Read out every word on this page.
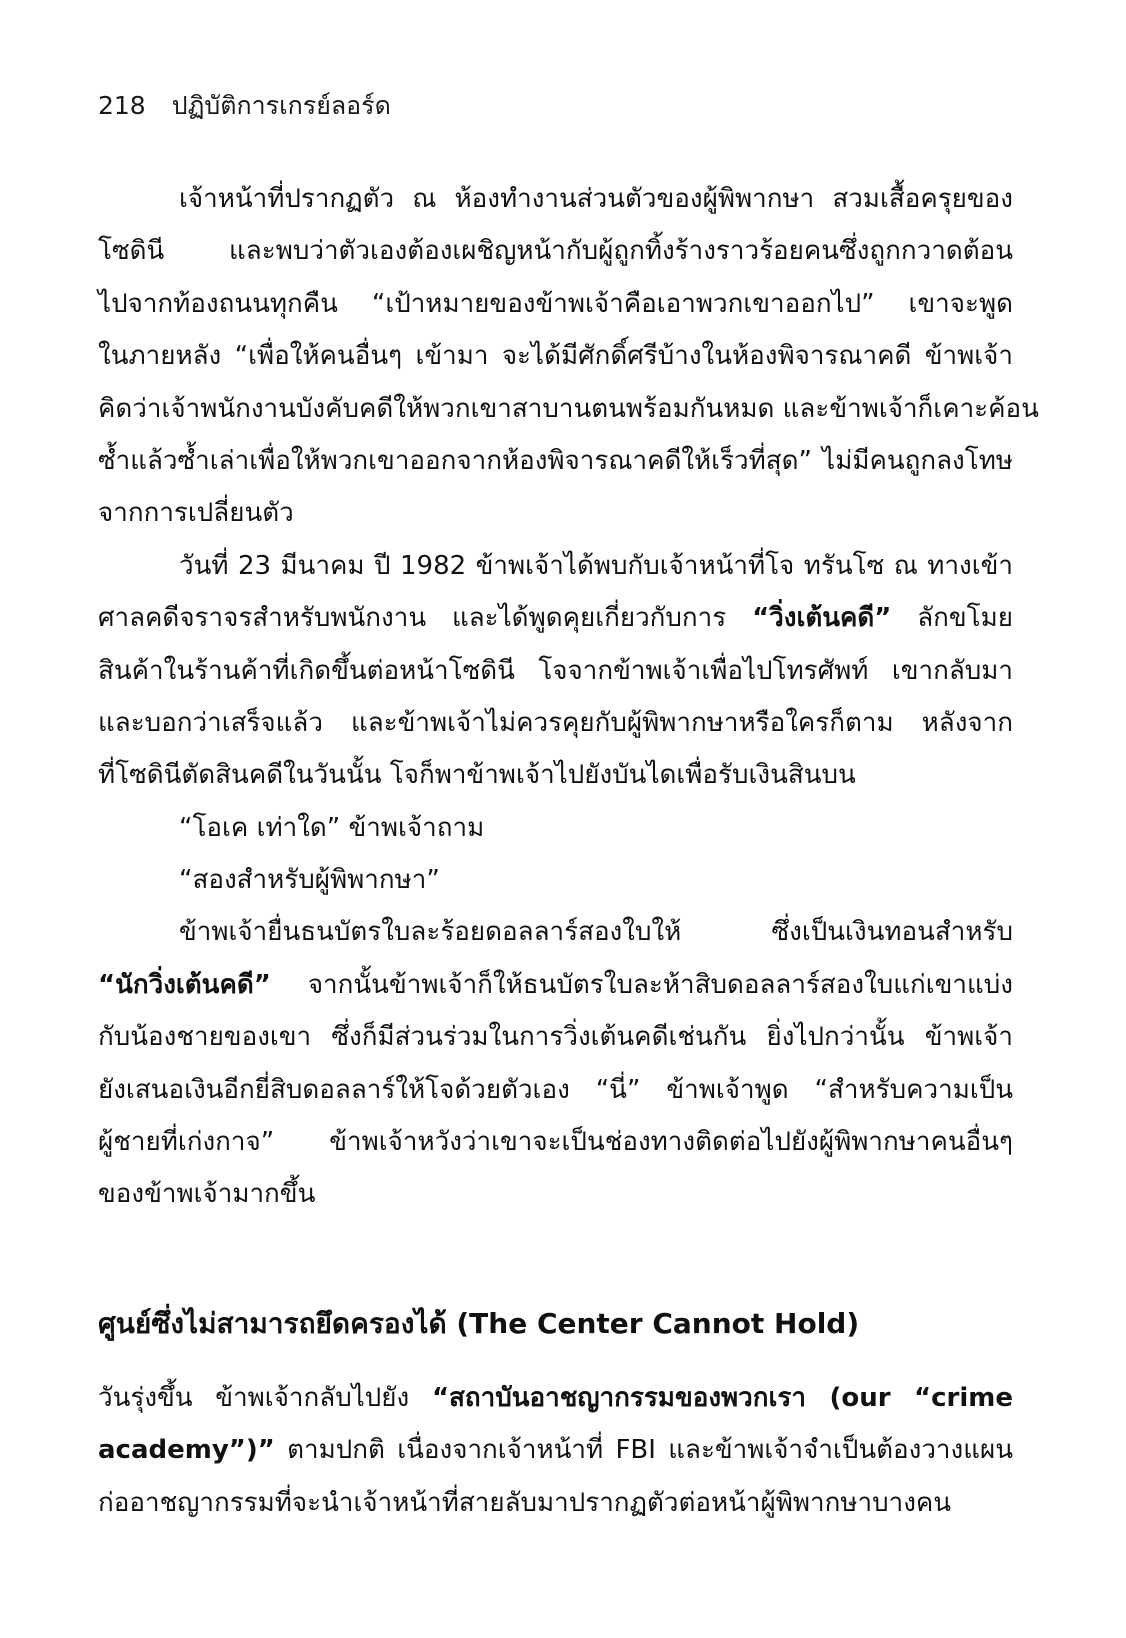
218 ปฏิบัติการเกรย์ลอร์ด
เจ้าหน้าที่ปรากฏตัว ณ ห้องทำงานส่วนตัวของผู้พิพากษา สวมเสื้อครุยของ
โซดินี และพบว่าตัวเองต้องเผชิญหน้ากับผู้ถูกทิ้งร้างราวร้อยคนซึ่งถูกกวาดต้อน
ไปจากท้องถนนทุกคืน “เป้าหมายของข้าพเจ้าคือเอาพวกเขาออกไป” เขาจะพูด
ในภายหลัง “เพื่อให้คนอื่นๆ เข้ามา จะได้มีศักดิ์ศรีบ้างในห้องพิจารณาคดี ข้าพเจ้า
คิดว่าเจ้าพนักงานบังคับคดีให้พวกเขาสาบานตนพร้อมกันหมด และข้าพเจ้าก็เคาะค้อน
ซ้ำแล้วซ้ำเล่าเพื่อให้พวกเขาออกจากห้องพิจารณาคดีให้เร็วที่สุด” ไม่มีคนถูกลงโทษ
จากการเปลี่ยนตัว
วันที่ 23 มีนาคม ปี 1982 ข้าพเจ้าได้พบกับเจ้าหน้าที่โจ ทรันโซ ณ ทางเข้า
ศาลคดีจราจรสำหรับพนักงาน และได้พูดคุยเกี่ยวกับการ “วิ่งเต้นคดี” ลักขโมย
สินค้าในร้านค้าที่เกิดขึ้นต่อหน้าโซดินี โจจากข้าพเจ้าเพื่อไปโทรศัพท์ เขากลับมา
และบอกว่าเสร็จแล้ว และข้าพเจ้าไม่ควรคุยกับผู้พิพากษาหรือใครก็ตาม หลังจาก
ที่โซดินีตัดสินคดีในวันนั้น โจก็พาข้าพเจ้าไปยังบันไดเพื่อรับเงินสินบน
“โอเค เท่าใด” ข้าพเจ้าถาม
“สองสำหรับผู้พิพากษา”
ข้าพเจ้ายื่นธนบัตรใบละร้อยดอลลาร์สองใบให้ ซึ่งเป็นเงินทอนสำหรับ
“นักวิ่งเต้นคดี” จากนั้นข้าพเจ้าก็ให้ธนบัตรใบละห้าสิบดอลลาร์สองใบแก่เขาแบ่ง
กับน้องชายของเขา ซึ่งก็มีส่วนร่วมในการวิ่งเต้นคดีเช่นกัน ยิ่งไปกว่านั้น ข้าพเจ้า
ยังเสนอเงินอีกยี่สิบดอลลาร์ให้โจด้วยตัวเอง “นี่” ข้าพเจ้าพูด “สำหรับความเป็น
ผู้ชายที่เก่งกาจ” ข้าพเจ้าหวังว่าเขาจะเป็นช่องทางติดต่อไปยังผู้พิพากษาคนอื่นๆ
ของข้าพเจ้ามากขึ้น
ศูนย์ซึ่งไม่สามารถยึดครองได้ (The Center Cannot Hold)
วันรุ่งขึ้น ข้าพเจ้ากลับไปยัง “สถาบันอาชญากรรมของพวกเรา (our “crime
academy”)” ตามปกติ เนื่องจากเจ้าหน้าที่ FBI และข้าพเจ้าจำเป็นต้องวางแผน
ก่ออาชญากรรมที่จะนำเจ้าหน้าที่สายลับมาปรากฏตัวต่อหน้าผู้พิพากษาบางคน
